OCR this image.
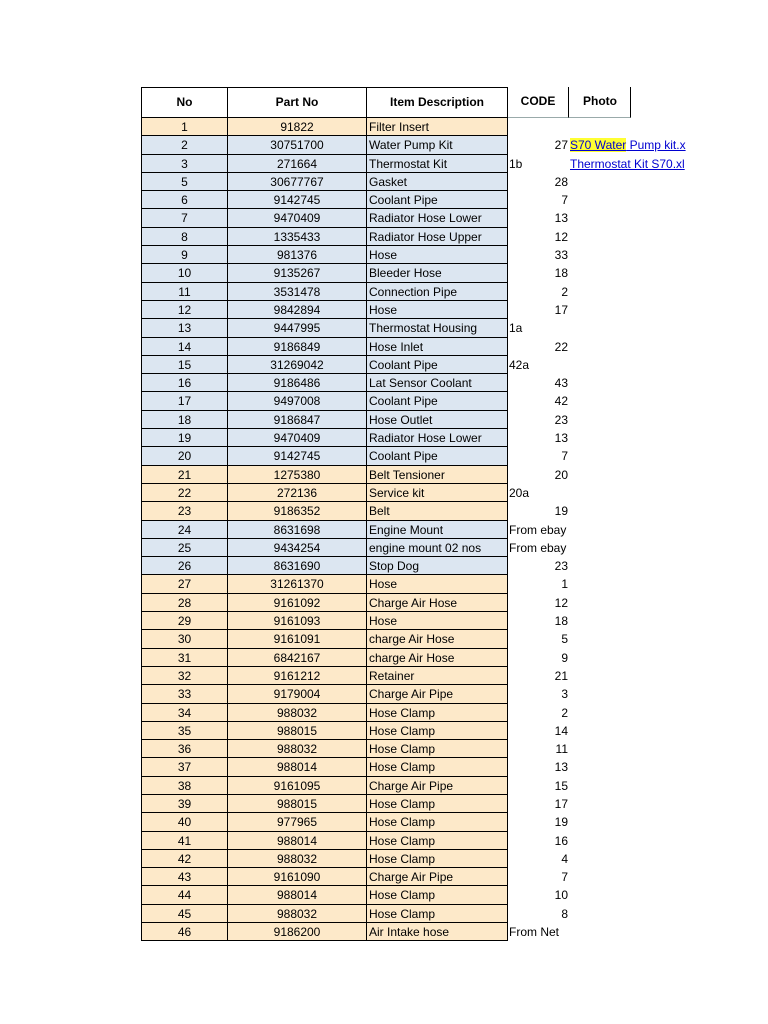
No	Part No	Item Description	CODE	Photo
1	91822	Filter Insert
2	30751700	Water Pump Kit	27 S70 Water Pump kit.x
3	271664	Thermostat Kit	1b	Thermostat Kit S70.xl
5	30677767	Gasket	28
6	9142745	Coolant Pipe	7
7	9470409	Radiator Hose Lower	13
8	1335433	Radiator Hose Upper	12
9	981376	Hose	33
10	9135267	Bleeder Hose	18
11	3531478	Connection Pipe	2
12	9842894	Hose	17
13	9447995	Thermostat Housing	1a
14	9186849	Hose Inlet	22
15	31269042	Coolant Pipe	42a
16	9186486	Lat Sensor Coolant	43
17	9497008	Coolant Pipe	42
18	9186847	Hose Outlet	23
19	9470409	Radiator Hose Lower	13
20	9142745	Coolant Pipe	7
21	1275380	Belt Tensioner	20
22	272136	Service kit	20a
23	9186352	Belt	19
24	8631698	Engine Mount	From ebay
25	9434254	engine mount 02 nos	From ebay
26	8631690	Stop Dog	23
27	31261370	Hose	1
28	9161092	Charge Air Hose	12
29	9161093	Hose	18
30	9161091	charge Air Hose	5
31	6842167	charge Air Hose	9
32	9161212	Retainer	21
33	9179004	Charge Air Pipe	3
34	988032	Hose Clamp	2
35	988015	Hose Clamp	14
36	988032	Hose Clamp	11
37	988014	Hose Clamp	13
38	9161095	Charge Air Pipe	15
39	988015	Hose Clamp	17
40	977965	Hose Clamp	19
41	988014	Hose Clamp	16
42	988032	Hose Clamp	4
43	9161090	Charge Air Pipe	7
44	988014	Hose Clamp	10
45	988032	Hose Clamp	8
46	9186200	Air Intake hose	From Net
